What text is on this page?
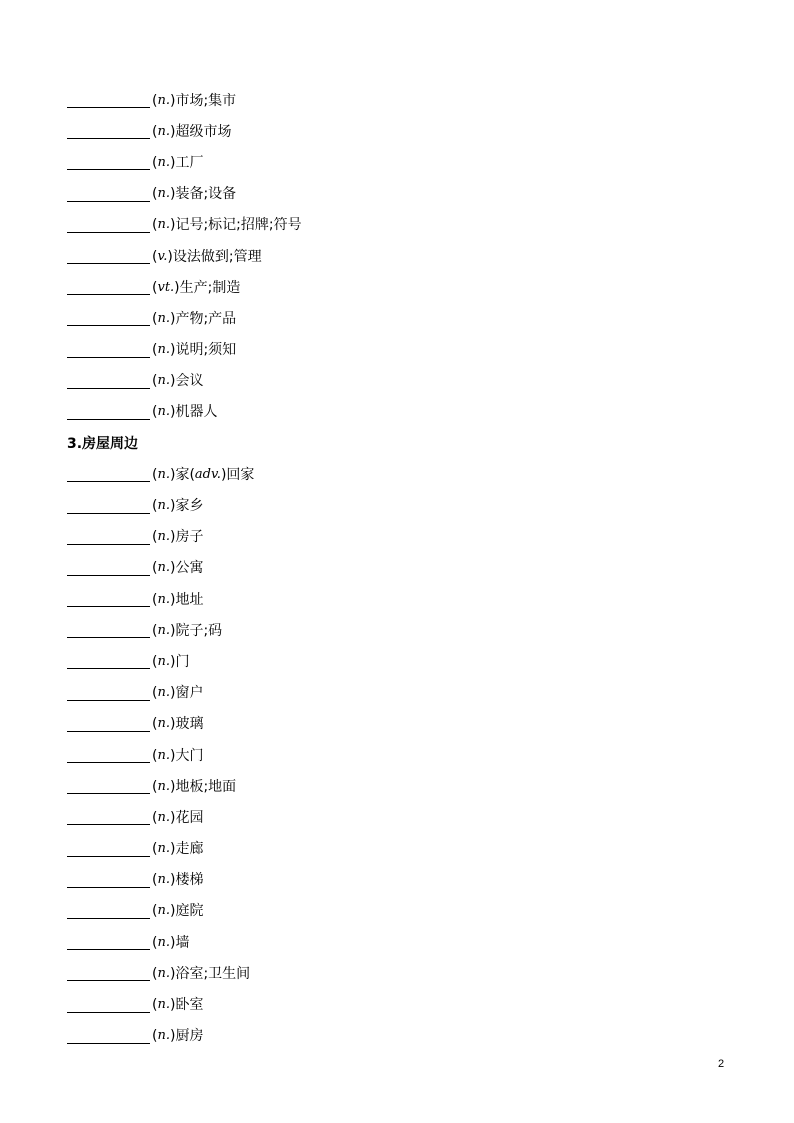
( n. ) 市场;集市
( n. ) 超级市场
( n. ) 工厂
( n. ) 装备;设备
( n. ) 记号;标记;招牌;符号
( v. ) 设法做到;管理
( vt. ) 生产;制造
( n. ) 产物;产品
( n. ) 说明;须知
( n. ) 会议
( n. ) 机器人
3.房屋周边
( n. ) 家( adv. )回家
( n. ) 家乡
( n. ) 房子
( n. ) 公寓
( n. ) 地址
( n. ) 院子;码
( n. ) 门
( n. ) 窗户
( n. ) 玻璃
( n. ) 大门
( n. ) 地板;地面
( n. ) 花园
( n. ) 走廊
( n. ) 楼梯
( n. ) 庭院
( n. ) 墙
( n. ) 浴室;卫生间
( n. ) 卧室
( n. ) 厨房
2
